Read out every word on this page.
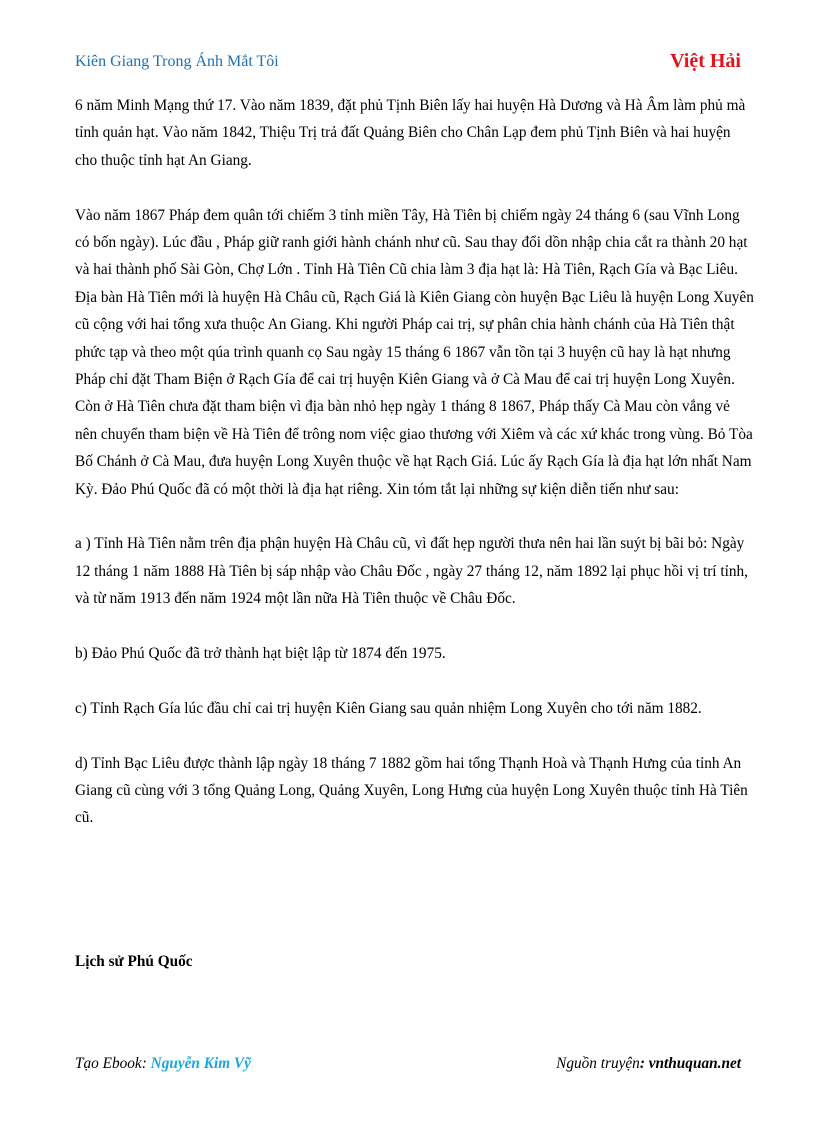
Kiên Giang Trong Ánh Mắt Tôi	Việt Hải

6 năm Minh Mạng thứ 17. Vào năm 1839, đặt phủ Tịnh Biên lấy hai huyện Hà Dương và Hà Âm làm phủ mà tỉnh quản hạt. Vào năm 1842, Thiệu Trị trả đất Quảng Biên cho Chân Lạp đem phủ Tịnh Biên và hai huyện cho thuộc tỉnh hạt An Giang.

Vào năm 1867 Pháp đem quân tới chiếm 3 tỉnh miền Tây, Hà Tiên bị chiếm ngày 24 tháng 6 (sau Vĩnh Long có bốn ngày). Lúc đầu , Pháp giữ ranh giới hành chánh như cũ. Sau thay đổi dồn nhập chia cắt ra thành 20 hạt và hai thành phố Sài Gòn, Chợ Lớn . Tỉnh Hà Tiên Cũ chia làm 3 địa hạt là: Hà Tiên, Rạch Gía và Bạc Liêu. Địa bàn Hà Tiên mới là huyện Hà Châu cũ, Rạch Giá là Kiên Giang còn huyện Bạc Liêu là huyện Long Xuyên cũ cộng với hai tổng xưa thuộc An Giang. Khi người Pháp cai trị, sự phân chia hành chánh của Hà Tiên thật phức tạp và theo một qúa trình quanh cọ Sau ngày 15 tháng 6 1867 vẫn tồn tại 3 huyện cũ hay là hạt nhưng Pháp chỉ đặt Tham Biện ở Rạch Gía để cai trị huyện Kiên Giang và ở Cà Mau để cai trị huyện Long Xuyên. Còn ở Hà Tiên chưa đặt tham biện vì địa bàn nhỏ hẹp ngày 1 tháng 8 1867, Pháp thấy Cà Mau còn vắng vẻ nên chuyển tham biện về Hà Tiên để trông nom việc giao thương với Xiêm và các xứ khác trong vùng. Bỏ Tòa Bố Chánh ở Cà Mau, đưa huyện Long Xuyên thuộc về hạt Rạch Giá. Lúc ấy Rạch Gía là địa hạt lớn nhất Nam Kỳ. Đảo Phú Quốc đã có một thời là địa hạt riêng. Xin tóm tắt lại những sự kiện diễn tiến như sau:

a ) Tỉnh Hà Tiên nằm trên địa phận huyện Hà Châu cũ, vì đất hẹp người thưa nên hai lần suýt bị bãi bỏ: Ngày 12 tháng 1 năm 1888 Hà Tiên bị sáp nhập vào Châu Đốc , ngày 27 tháng 12, năm 1892 lại phục hồi vị trí tỉnh, và từ năm 1913 đến năm 1924 một lần nữa Hà Tiên thuộc về Châu Đốc.

b) Đảo Phú Quốc đã trở thành hạt biệt lập từ 1874 đến 1975.

c) Tỉnh Rạch Gía lúc đầu chỉ cai trị huyện Kiên Giang sau quản nhiệm Long Xuyên cho tới năm 1882.

d) Tỉnh Bạc Liêu được thành lập ngày 18 tháng 7 1882 gồm hai tổng Thạnh Hoà và Thạnh Hưng của tỉnh An Giang cũ cùng với 3 tổng Quảng Long, Quảng Xuyên, Long Hưng của huyện Long Xuyên thuộc tỉnh Hà Tiên cũ.

Lịch sử Phú Quốc
Tạo Ebook: Nguyễn Kim Vỹ	Nguồn truyện: vnthuquan.net
